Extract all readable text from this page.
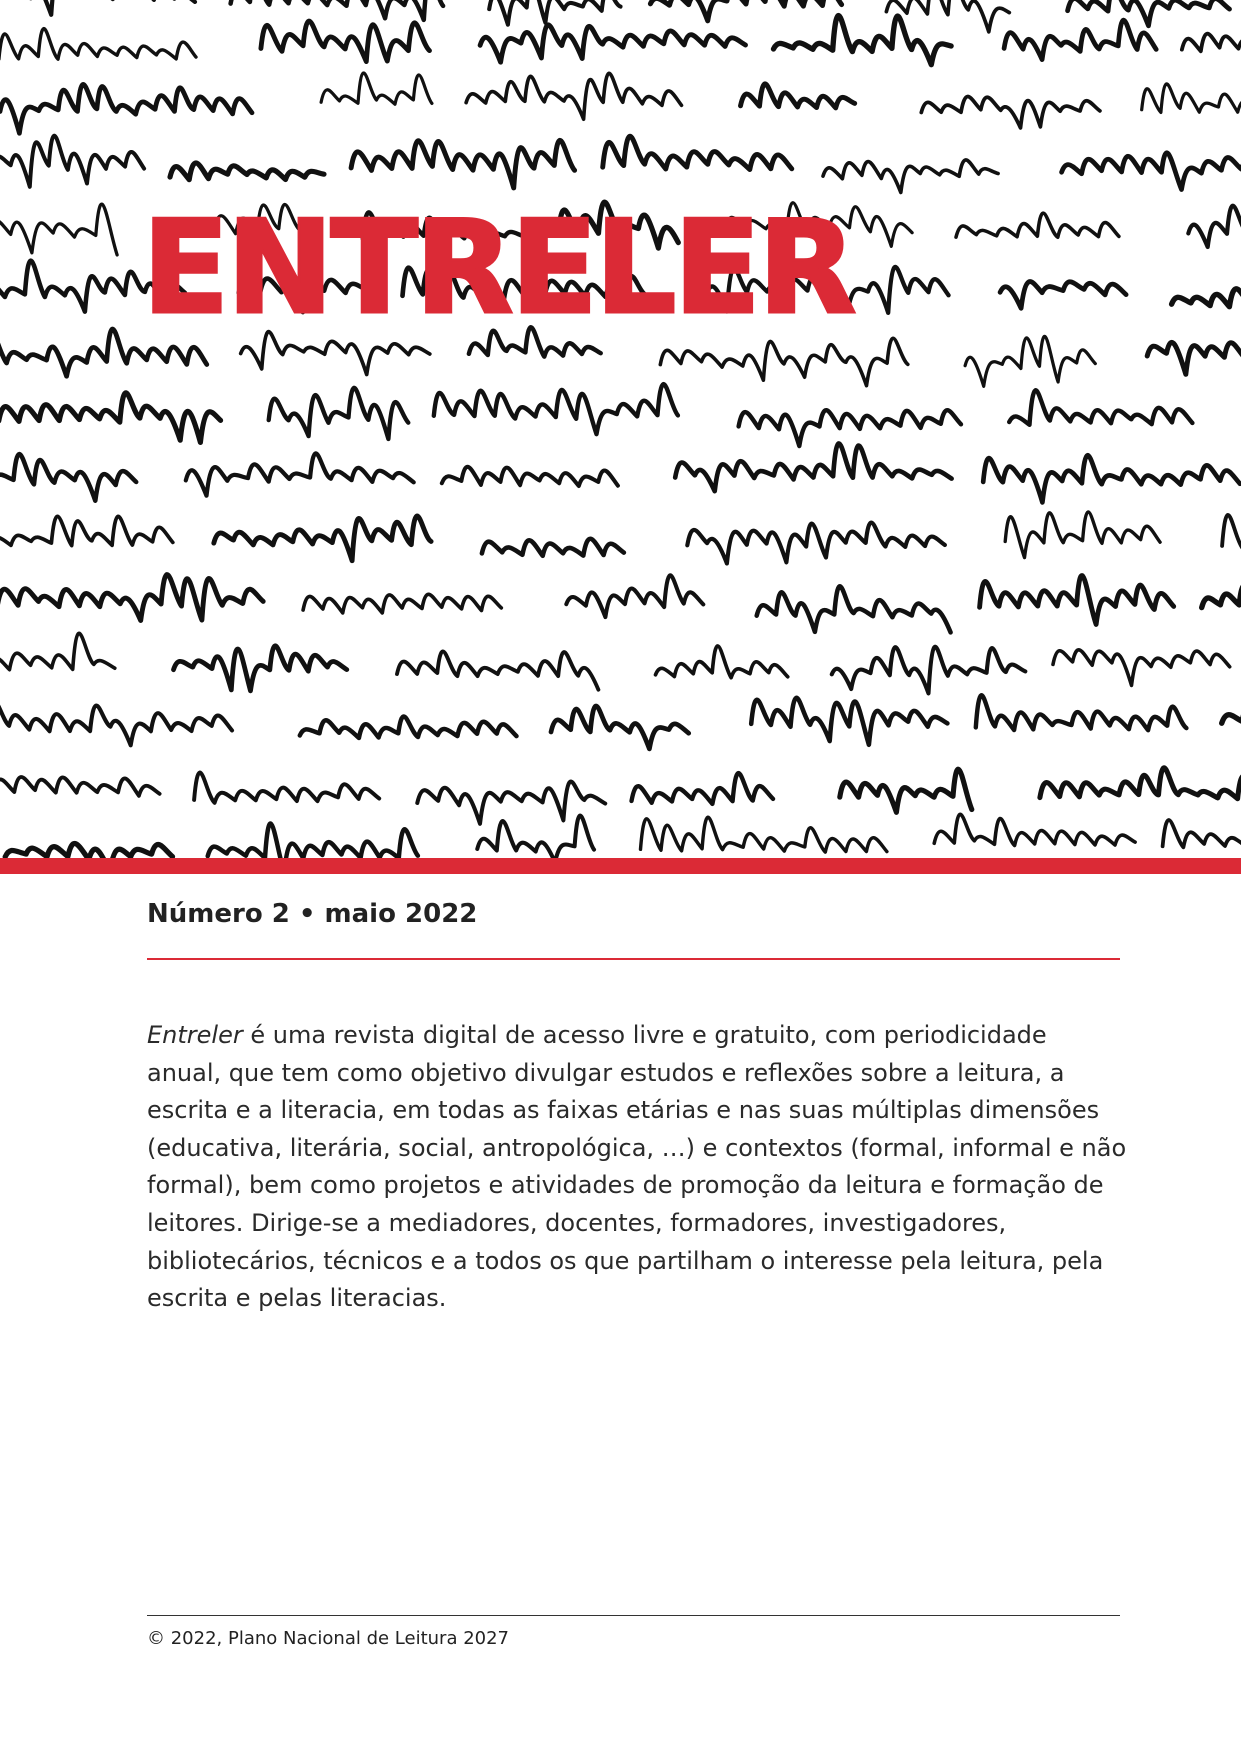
ENTRELER
Número 2 • maio 2022

Entreler é uma revista digital de acesso livre e gratuito, com periodicidade anual, que tem como objetivo divulgar estudos e reflexões sobre a leitura, a escrita e a literacia, em todas as faixas etárias e nas suas múltiplas dimensões (educativa, literária, social, antropológica, …) e contextos (formal, informal e não formal), bem como projetos e atividades de promoção da leitura e formação de leitores. Dirige-se a mediadores, docentes, formadores, investigadores, bibliotecários, técnicos e a todos os que partilham o interesse pela leitura, pela escrita e pelas literacias.

© 2022, Plano Nacional de Leitura 2027
